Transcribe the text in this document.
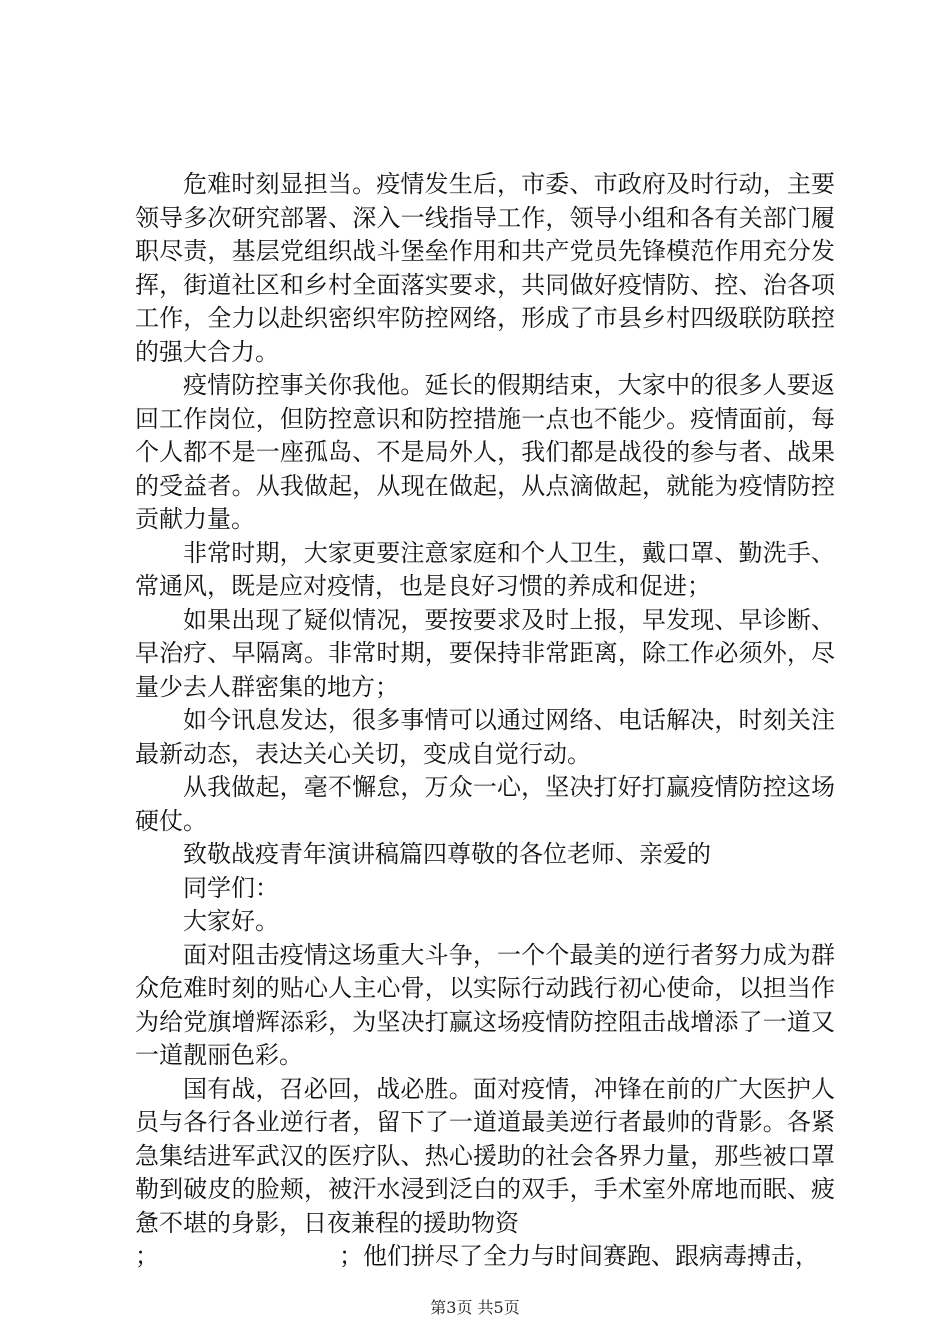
危难时刻显担当。疫情发生后，市委、市政府及时行动，主要领导多次研究部署、深入一线指导工作，领导小组和各有关部门履职尽责，基层党组织战斗堡垒作用和共产党员先锋模范作用充分发挥，街道社区和乡村全面落实要求，共同做好疫情防、控、治各项工作，全力以赴织密织牢防控网络，形成了市县乡村四级联防联控的强大合力。

疫情防控事关你我他。延长的假期结束，大家中的很多人要返回工作岗位，但防控意识和防控措施一点也不能少。疫情面前，每个人都不是一座孤岛、不是局外人，我们都是战役的参与者、战果的受益者。从我做起，从现在做起，从点滴做起，就能为疫情防控贡献力量。

非常时期，大家更要注意家庭和个人卫生，戴口罩、勤洗手、常通风，既是应对疫情，也是良好习惯的养成和促进；

如果出现了疑似情况，要按要求及时上报，早发现、早诊断、早治疗、早隔离。非常时期，要保持非常距离，除工作必须外，尽量少去人群密集的地方；

如今讯息发达，很多事情可以通过网络、电话解决，时刻关注最新动态，表达关心关切，变成自觉行动。

从我做起，毫不懈怠，万众一心，坚决打好打赢疫情防控这场硬仗。

致敬战疫青年演讲稿篇四尊敬的各位老师、亲爱的

同学们：

大家好。

面对阻击疫情这场重大斗争，一个个最美的逆行者努力成为群众危难时刻的贴心人主心骨，以实际行动践行初心使命，以担当作为给党旗增辉添彩，为坚决打赢这场疫情防控阻击战增添了一道又一道靓丽色彩。

国有战，召必回，战必胜。面对疫情，冲锋在前的广大医护人员与各行各业逆行者，留下了一道道最美逆行者最帅的背影。各紧急集结进军武汉的医疗队、热心援助的社会各界力量，那些被口罩勒到破皮的脸颊，被汗水浸到泛白的双手，手术室外席地而眠、疲惫不堪的身影，日夜兼程的援助物资

；　　　　　　　　；他们拼尽了全力与时间赛跑、跟病毒搏击，

第3页 共5页
